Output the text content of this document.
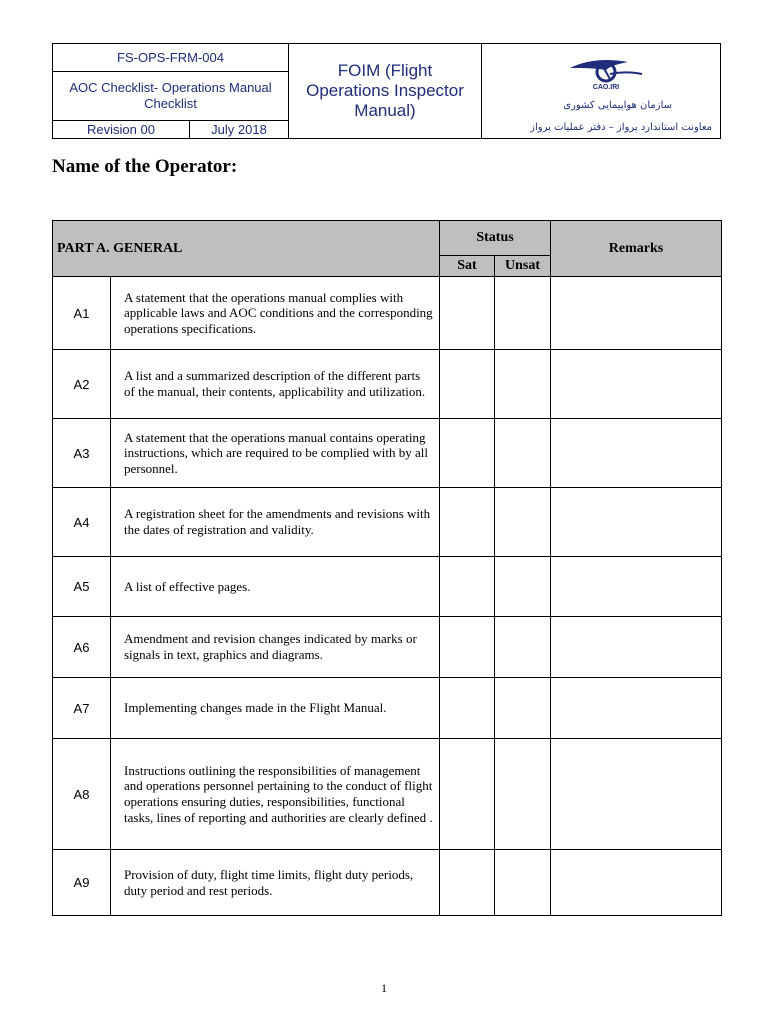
FS-OPS-FRM-004
AOC Checklist- Operations Manual Checklist
Revision 00	July 2018
FOIM (Flight Operations Inspector Manual)
CAO.IRI
سازمان هواپیمایی کشوری
معاونت استاندارد پرواز – دفتر عملیات پرواز
Name of the Operator:
PART A. GENERAL		Status		Remarks
		Sat	Unsat	
A1	A statement that the operations manual complies with applicable laws and AOC conditions and the corresponding operations specifications.			
A2	A list and a summarized description of the different parts of the manual, their contents, applicability and utilization.			
A3	A statement that the operations manual contains operating instructions, which are required to be complied with by all personnel.			
A4	A registration sheet for the amendments and revisions with the dates of registration and validity.			
A5	A list of effective pages.			
A6	Amendment and revision changes indicated by marks or signals in text, graphics and diagrams.			
A7	Implementing changes made in the Flight Manual.			
A8	Instructions outlining the responsibilities of management and operations personnel pertaining to the conduct of flight operations ensuring duties, responsibilities, functional tasks, lines of reporting and authorities are clearly defined .			
A9	Provision of duty, flight time limits, flight duty periods, duty period and rest periods.			
1
